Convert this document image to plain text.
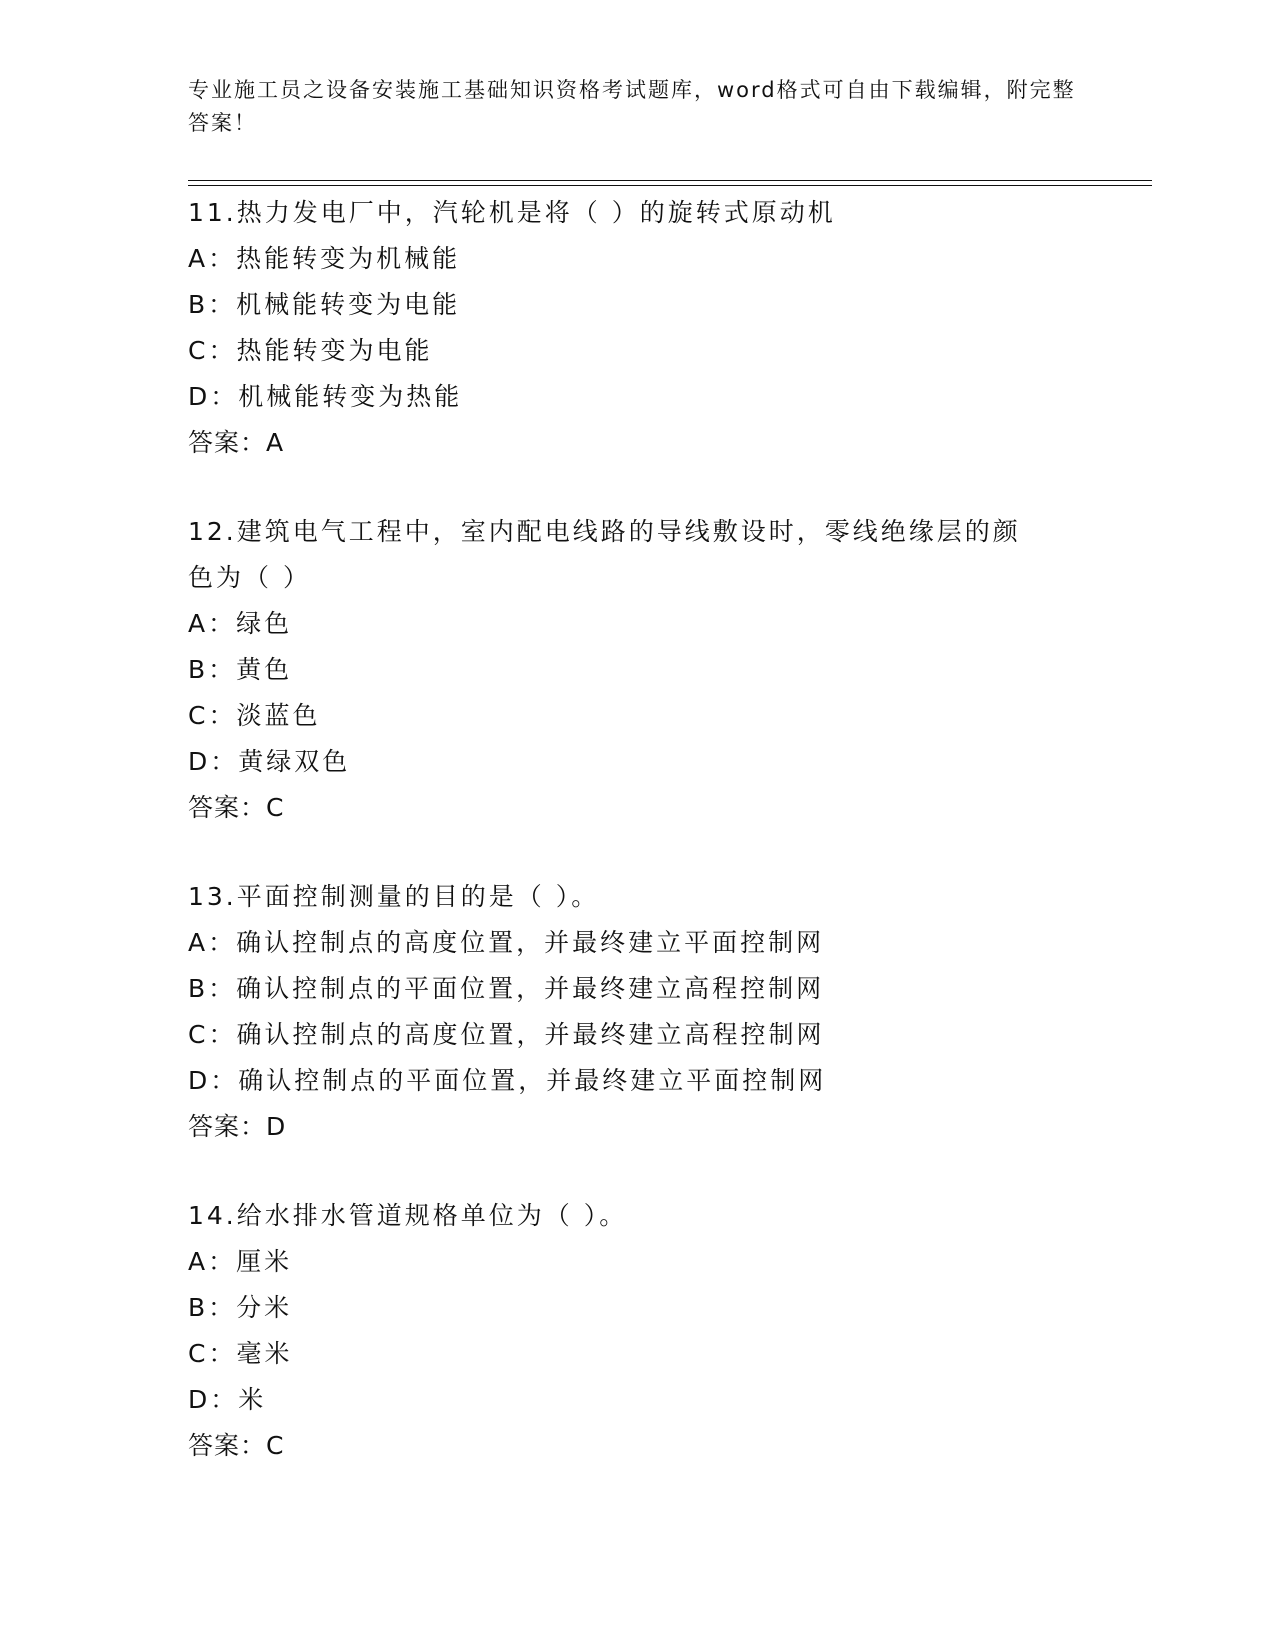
专业施工员之设备安装施工基础知识资格考试题库，word格式可自由下载编辑，附完整答案！
11.热力发电厂中，汽轮机是将（ ）的旋转式原动机
A：热能转变为机械能
B：机械能转变为电能
C：热能转变为电能
D：机械能转变为热能
答案：A
12.建筑电气工程中，室内配电线路的导线敷设时，零线绝缘层的颜色为（ ）
A：绿色
B：黄色
C：淡蓝色
D：黄绿双色
答案：C
13.平面控制测量的目的是（ ）。
A：确认控制点的高度位置，并最终建立平面控制网
B：确认控制点的平面位置，并最终建立高程控制网
C：确认控制点的高度位置，并最终建立高程控制网
D：确认控制点的平面位置，并最终建立平面控制网
答案：D
14.给水排水管道规格单位为（ ）。
A：厘米
B：分米
C：毫米
D：米
答案：C
